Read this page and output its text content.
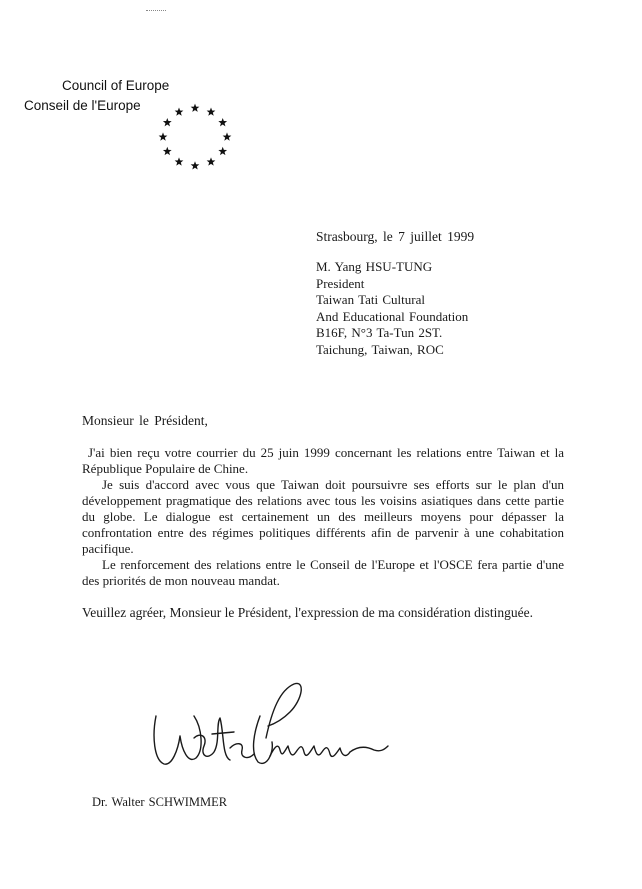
Council of Europe
Conseil de l'Europe
Strasbourg, le 7 juillet 1999
M. Yang HSU-TUNG
President
Taiwan Tati Cultural
And Educational Foundation
B16F, N°3 Ta-Tun 2ST.
Taichung, Taiwan, ROC
Monsieur le Président,

J'ai bien reçu votre courrier du 25 juin 1999 concernant les relations entre Taiwan et la République Populaire de Chine.

Je suis d'accord avec vous que Taiwan doit poursuivre ses efforts sur le plan d'un développement pragmatique des relations avec tous les voisins asiatiques dans cette partie du globe. Le dialogue est certainement un des meilleurs moyens pour dépasser la confrontation entre des régimes politiques différents afin de parvenir à une cohabitation pacifique.

Le renforcement des relations entre le Conseil de l'Europe et l'OSCE fera partie d'une des priorités de mon nouveau mandat.

Veuillez agréer, Monsieur le Président, l'expression de ma considération distinguée.
Dr. Walter SCHWIMMER
